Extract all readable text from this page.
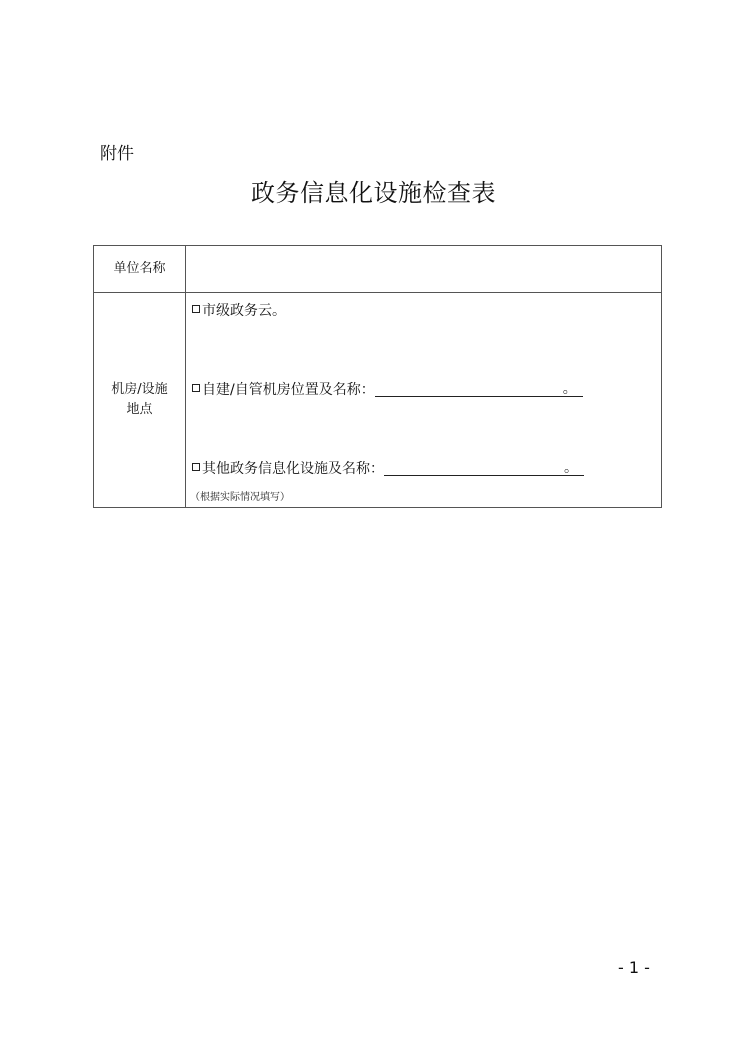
附件
政务信息化设施检查表
单位名称
机房/设施
地点
市级政务云。
自建/自管机房位置及名称：	。
其他政务信息化设施及名称：	。
（根据实际情况填写）
- 1 -
